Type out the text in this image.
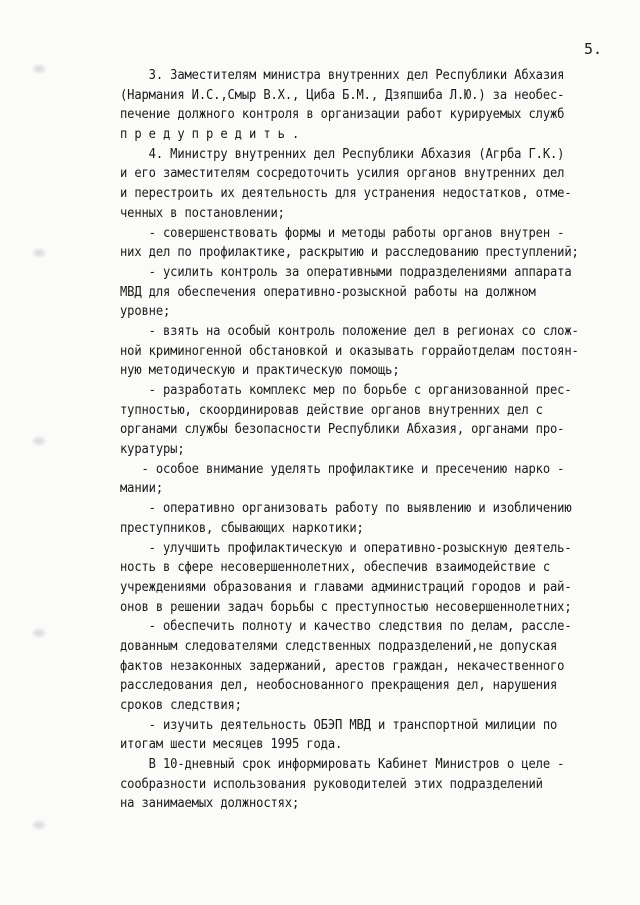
5.
3. Заместителям министра внутренних дел Республики Абхазия
(Нармания И.С.,Смыр В.Х., Циба Б.М., Дзяпшиба Л.Ю.) за необес-
печение должного контроля в организации работ курируемых служб
п р е д у п р е д и т ь .
4. Министру внутренних дел Республики Абхазия (Агрба Г.К.)
и его заместителям сосредоточить усилия органов внутренних дел
и перестроить их деятельность для устранения недостатков, отме-
ченных в постановлении;
- совершенствовать формы и методы работы органов внутрен -
них дел по профилактике, раскрытию и расследованию преступлений;
- усилить контроль за оперативными подразделениями аппарата
МВД для обеспечения оперативно-розыскной работы на должном
уровне;
- взять на особый контроль положение дел в регионах со слож-
ной криминогенной обстановкой и оказывать горрайотделам постоян-
ную методическую и практическую помощь;
- разработать комплекс мер по борьбе с организованной прес-
тупностью, скоординировав действие органов внутренних дел с
органами службы безопасности Республики Абхазия, органами про-
куратуры;
- особое внимание уделять профилактике и пресечению нарко -
мании;
- оперативно организовать работу по выявлению и изобличению
преступников, сбывающих наркотики;
- улучшить профилактическую и оперативно-розыскную деятель-
ность в сфере несовершеннолетних, обеспечив взаимодействие с
учреждениями образования и главами администраций городов и рай-
онов в решении задач борьбы с преступностью несовершеннолетних;
- обеспечить полноту и качество следствия по делам, рассле-
дованным следователями следственных подразделений,не допуская
фактов незаконных задержаний, арестов граждан, некачественного
расследования дел, необоснованного прекращения дел, нарушения
сроков следствия;
- изучить деятельность ОБЭП МВД и транспортной милиции по
итогам шести месяцев 1995 года.
В 10-дневный срок информировать Кабинет Министров о целе -
сообразности использования руководителей этих подразделений
на занимаемых должностях;
